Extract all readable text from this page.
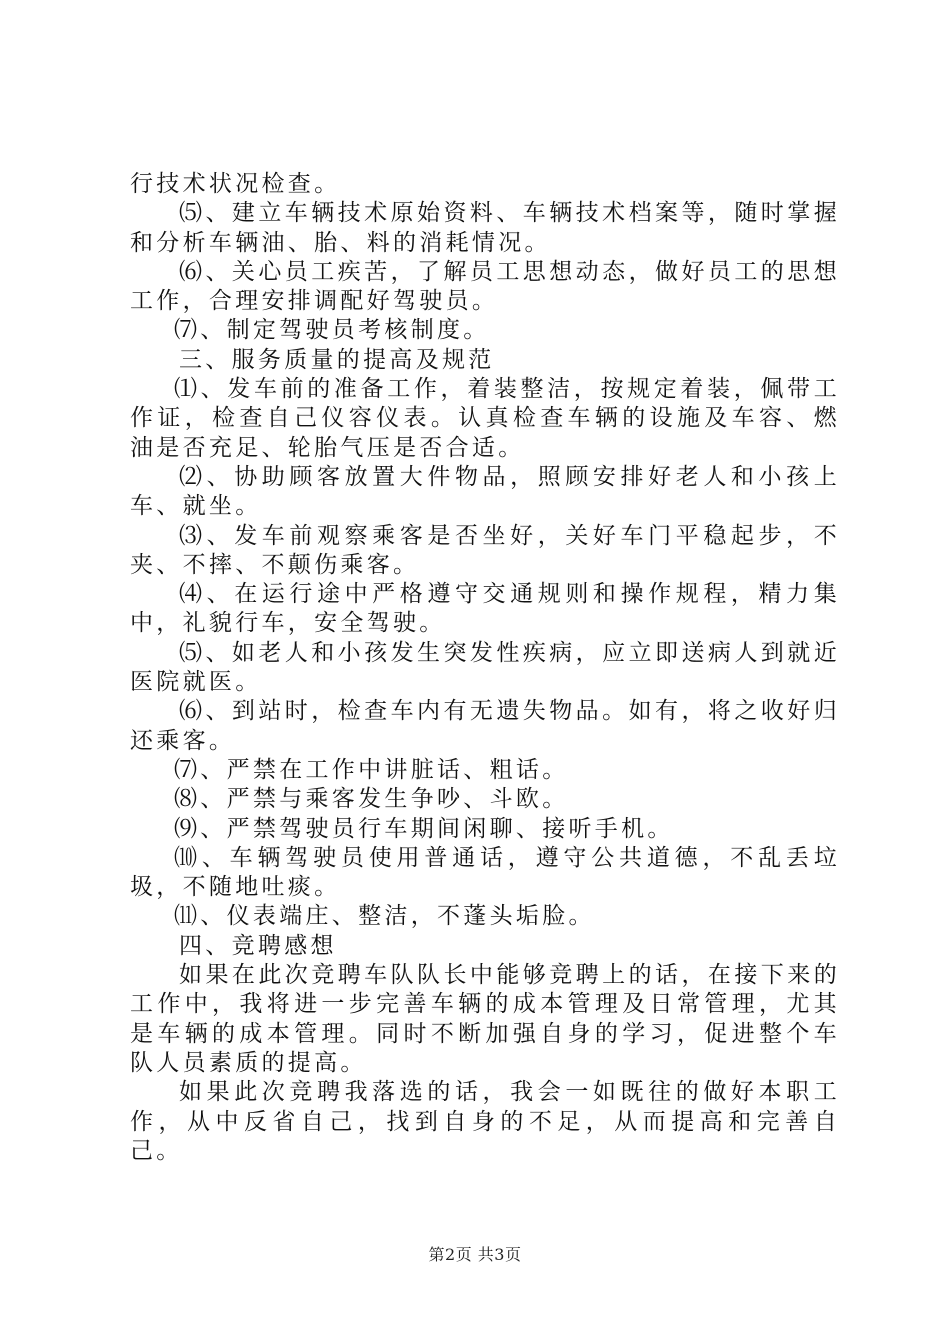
行技术状况检查。

⑸、建立车辆技术原始资料、车辆技术档案等，随时掌握和分析车辆油、胎、料的消耗情况。

⑹、关心员工疾苦，了解员工思想动态，做好员工的思想工作，合理安排调配好驾驶员。

⑺、制定驾驶员考核制度。

三、服务质量的提高及规范

⑴、发车前的准备工作，着装整洁，按规定着装，佩带工作证，检查自己仪容仪表。认真检查车辆的设施及车容、燃油是否充足、轮胎气压是否合适。

⑵、协助顾客放置大件物品，照顾安排好老人和小孩上车、就坐。

⑶、发车前观察乘客是否坐好，关好车门平稳起步，不夹、不摔、不颠伤乘客。

⑷、在运行途中严格遵守交通规则和操作规程，精力集中，礼貌行车，安全驾驶。

⑸、如老人和小孩发生突发性疾病，应立即送病人到就近医院就医。

⑹、到站时，检查车内有无遗失物品。如有，将之收好归还乘客。

⑺、严禁在工作中讲脏话、粗话。

⑻、严禁与乘客发生争吵、斗欧。

⑼、严禁驾驶员行车期间闲聊、接听手机。

⑽、车辆驾驶员使用普通话，遵守公共道德，不乱丢垃圾，不随地吐痰。

⑾、仪表端庄、整洁，不蓬头垢脸。

四、竞聘感想

如果在此次竞聘车队队长中能够竞聘上的话，在接下来的工作中，我将进一步完善车辆的成本管理及日常管理，尤其是车辆的成本管理。同时不断加强自身的学习，促进整个车队人员素质的提高。

如果此次竞聘我落选的话，我会一如既往的做好本职工作，从中反省自己，找到自身的不足，从而提高和完善自己。

第2页 共3页
